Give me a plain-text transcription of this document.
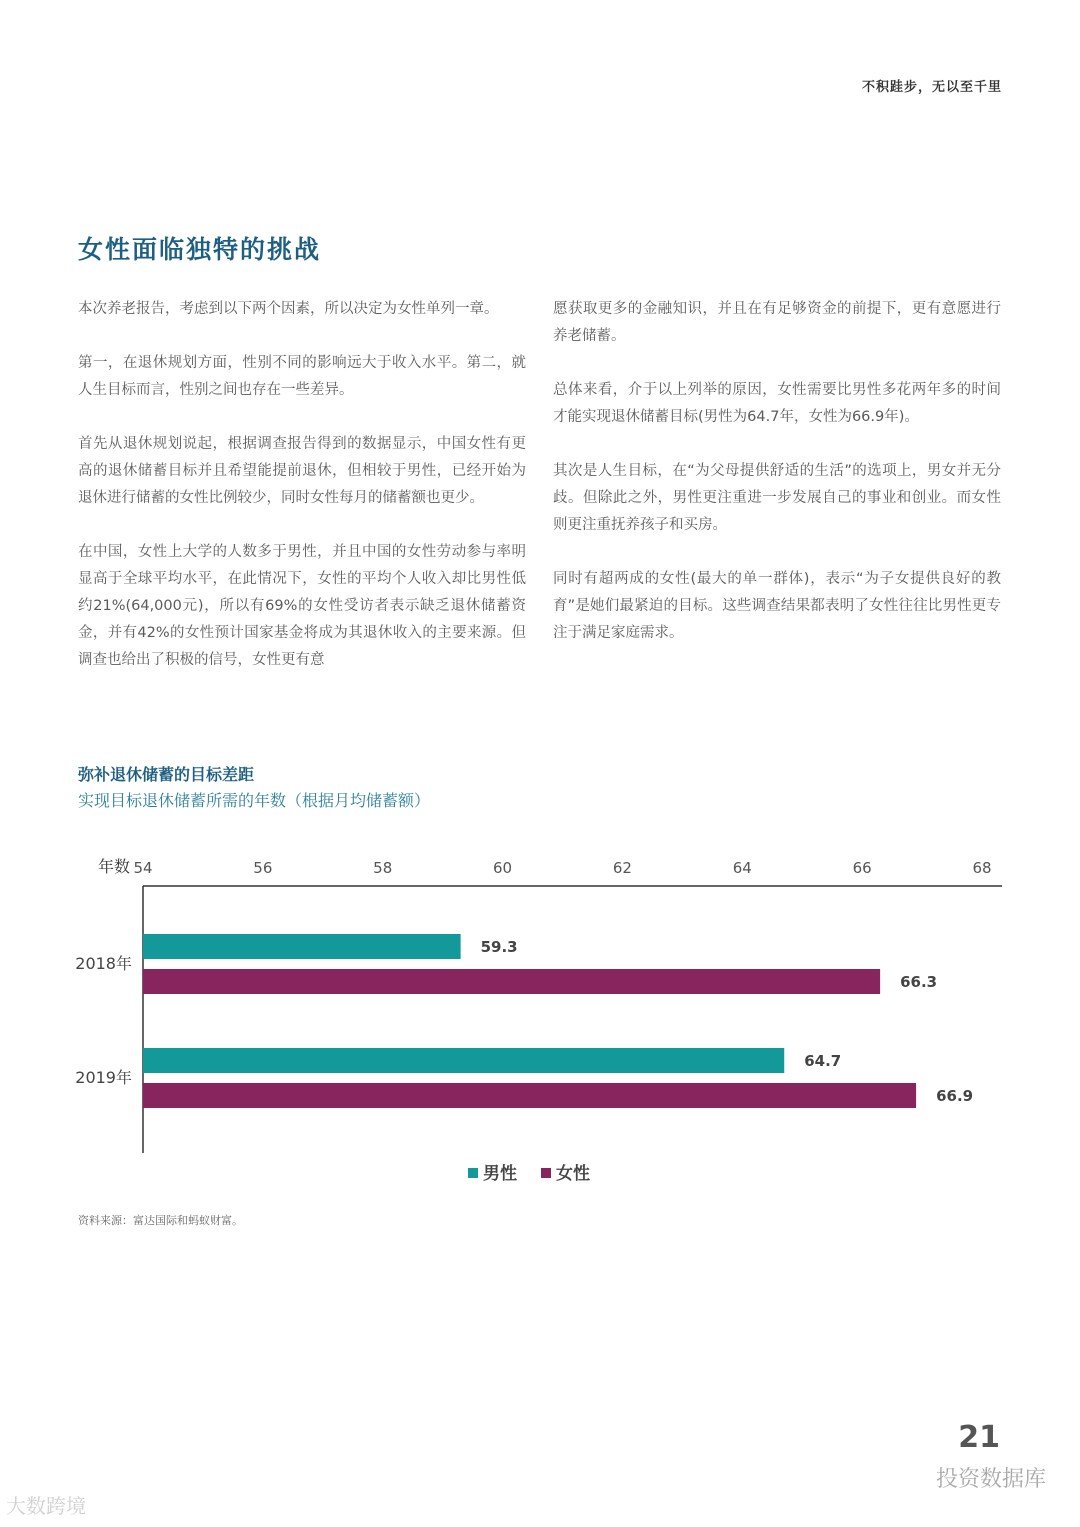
不积跬步，无以至千里
女性面临独特的挑战

本次养老报告，考虑到以下两个因素，所以决定为女性单列一章。

第一，在退休规划方面，性别不同的影响远大于收入水平。第二，就人生目标而言，性别之间也存在一些差异。

首先从退休规划说起，根据调查报告得到的数据显示，中国女性有更高的退休储蓄目标并且希望能提前退休，但相较于男性，已经开始为退休进行储蓄的女性比例较少，同时女性每月的储蓄额也更少。

在中国，女性上大学的人数多于男性，并且中国的女性劳动参与率明显高于全球平均水平，在此情况下，女性的平均个人收入却比男性低约21%(64,000元)，所以有69%的女性受访者表示缺乏退休储蓄资金，并有42%的女性预计国家基金将成为其退休收入的主要来源。但调查也给出了积极的信号，女性更有意

愿获取更多的金融知识，并且在有足够资金的前提下，更有意愿进行养老储蓄。

总体来看，介于以上列举的原因，女性需要比男性多花两年多的时间才能实现退休储蓄目标(男性为64.7年，女性为66.9年)。

其次是人生目标，在“为父母提供舒适的生活”的选项上，男女并无分歧。但除此之外，男性更注重进一步发展自己的事业和创业。而女性则更注重抚养孩子和买房。

同时有超两成的女性(最大的单一群体)，表示“为子女提供良好的教育”是她们最紧迫的目标。这些调查结果都表明了女性往往比男性更专注于满足家庭需求。

弥补退休储蓄的目标差距
实现目标退休储蓄所需的年数（根据月均储蓄额）
年数 54	56	58	60	62	64	66	68
2018年
59.3
66.3
2019年
64.7
66.9
男性 女性
资料来源：富达国际和蚂蚁财富。
21
投资数据库
大数跨境
